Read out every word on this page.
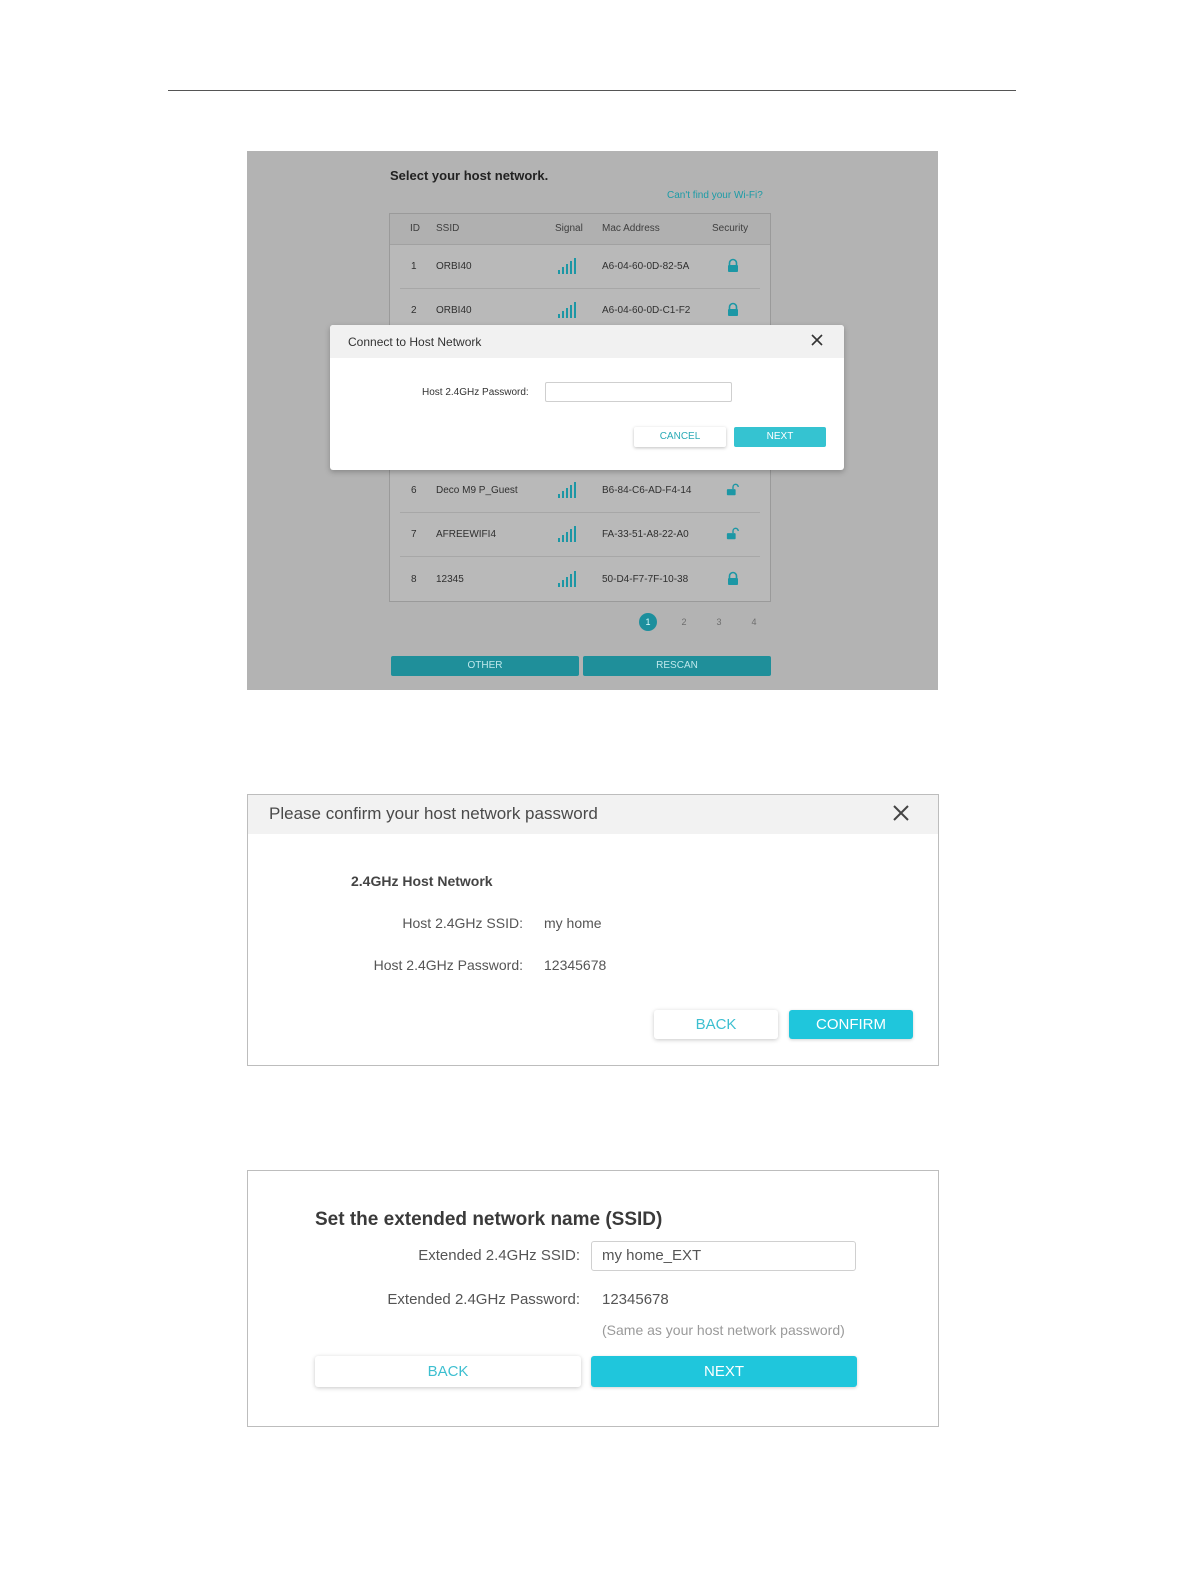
Select your host network.
Can't find your Wi-Fi?
ID SSID	Signal Mac Address	Security
1 ORBI40	A6-04-60-0D-82-5A
2 ORBI40	A6-04-60-0D-C1-F2
6 Deco M9 P_Guest	B6-84-C6-AD-F4-14
7 AFREEWIFI4	FA-33-51-A8-22-A0
8 12345	50-D4-F7-7F-10-38
1	2	3	4
OTHER	RESCAN
Connect to Host Network
Host 2.4GHz Password:
CANCEL	NEXT
Please confirm your host network password
2.4GHz Host Network
Host 2.4GHz SSID: my home
Host 2.4GHz Password: 12345678
BACK	CONFIRM
Set the extended network name (SSID)
Extended 2.4GHz SSID:	my home_EXT
Extended 2.4GHz Password: 12345678
(Same as your host network password)
BACK	NEXT
